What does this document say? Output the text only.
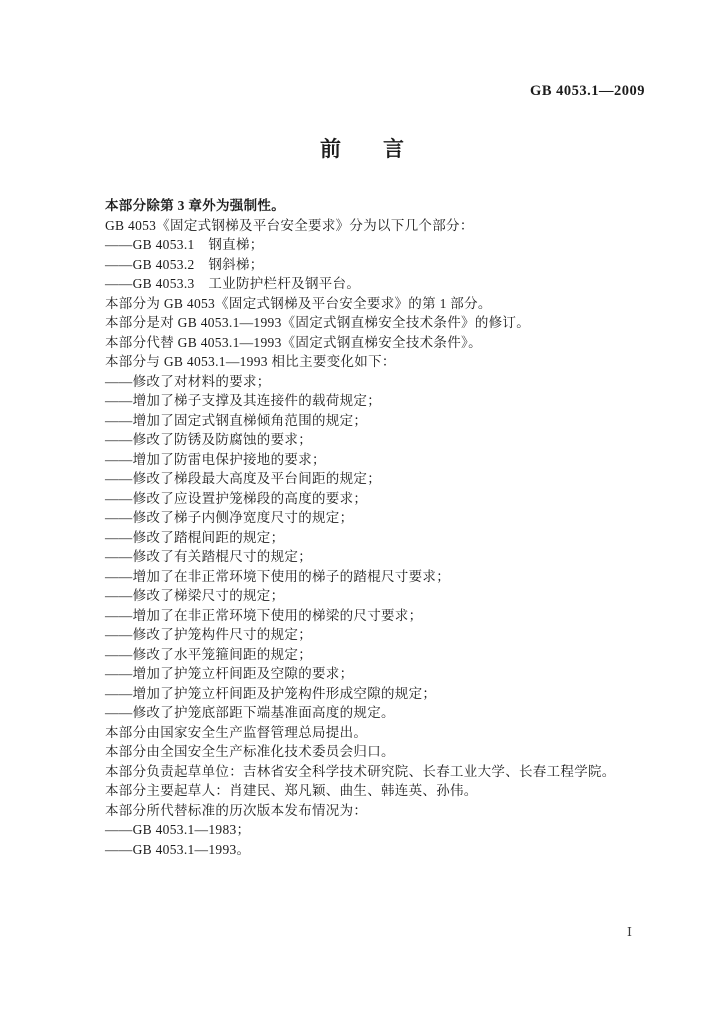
GB 4053.1—2009
前　　言
本部分除第 3 章外为强制性。
GB 4053《固定式钢梯及平台安全要求》分为以下几个部分：
——GB 4053.1　钢直梯；
——GB 4053.2　钢斜梯；
——GB 4053.3　工业防护栏杆及钢平台。
本部分为 GB 4053《固定式钢梯及平台安全要求》的第 1 部分。
本部分是对 GB 4053.1—1993《固定式钢直梯安全技术条件》的修订。
本部分代替 GB 4053.1—1993《固定式钢直梯安全技术条件》。
本部分与 GB 4053.1—1993 相比主要变化如下：
——修改了对材料的要求；
——增加了梯子支撑及其连接件的载荷规定；
——增加了固定式钢直梯倾角范围的规定；
——修改了防锈及防腐蚀的要求；
——增加了防雷电保护接地的要求；
——修改了梯段最大高度及平台间距的规定；
——修改了应设置护笼梯段的高度的要求；
——修改了梯子内侧净宽度尺寸的规定；
——修改了踏棍间距的规定；
——修改了有关踏棍尺寸的规定；
——增加了在非正常环境下使用的梯子的踏棍尺寸要求；
——修改了梯梁尺寸的规定；
——增加了在非正常环境下使用的梯梁的尺寸要求；
——修改了护笼构件尺寸的规定；
——修改了水平笼箍间距的规定；
——增加了护笼立杆间距及空隙的要求；
——增加了护笼立杆间距及护笼构件形成空隙的规定；
——修改了护笼底部距下端基准面高度的规定。
本部分由国家安全生产监督管理总局提出。
本部分由全国安全生产标准化技术委员会归口。
本部分负责起草单位：吉林省安全科学技术研究院、长春工业大学、长春工程学院。
本部分主要起草人：肖建民、郑凡颖、曲生、韩连英、孙伟。
本部分所代替标准的历次版本发布情况为：
——GB 4053.1—1983；
——GB 4053.1—1993。
Ⅰ
